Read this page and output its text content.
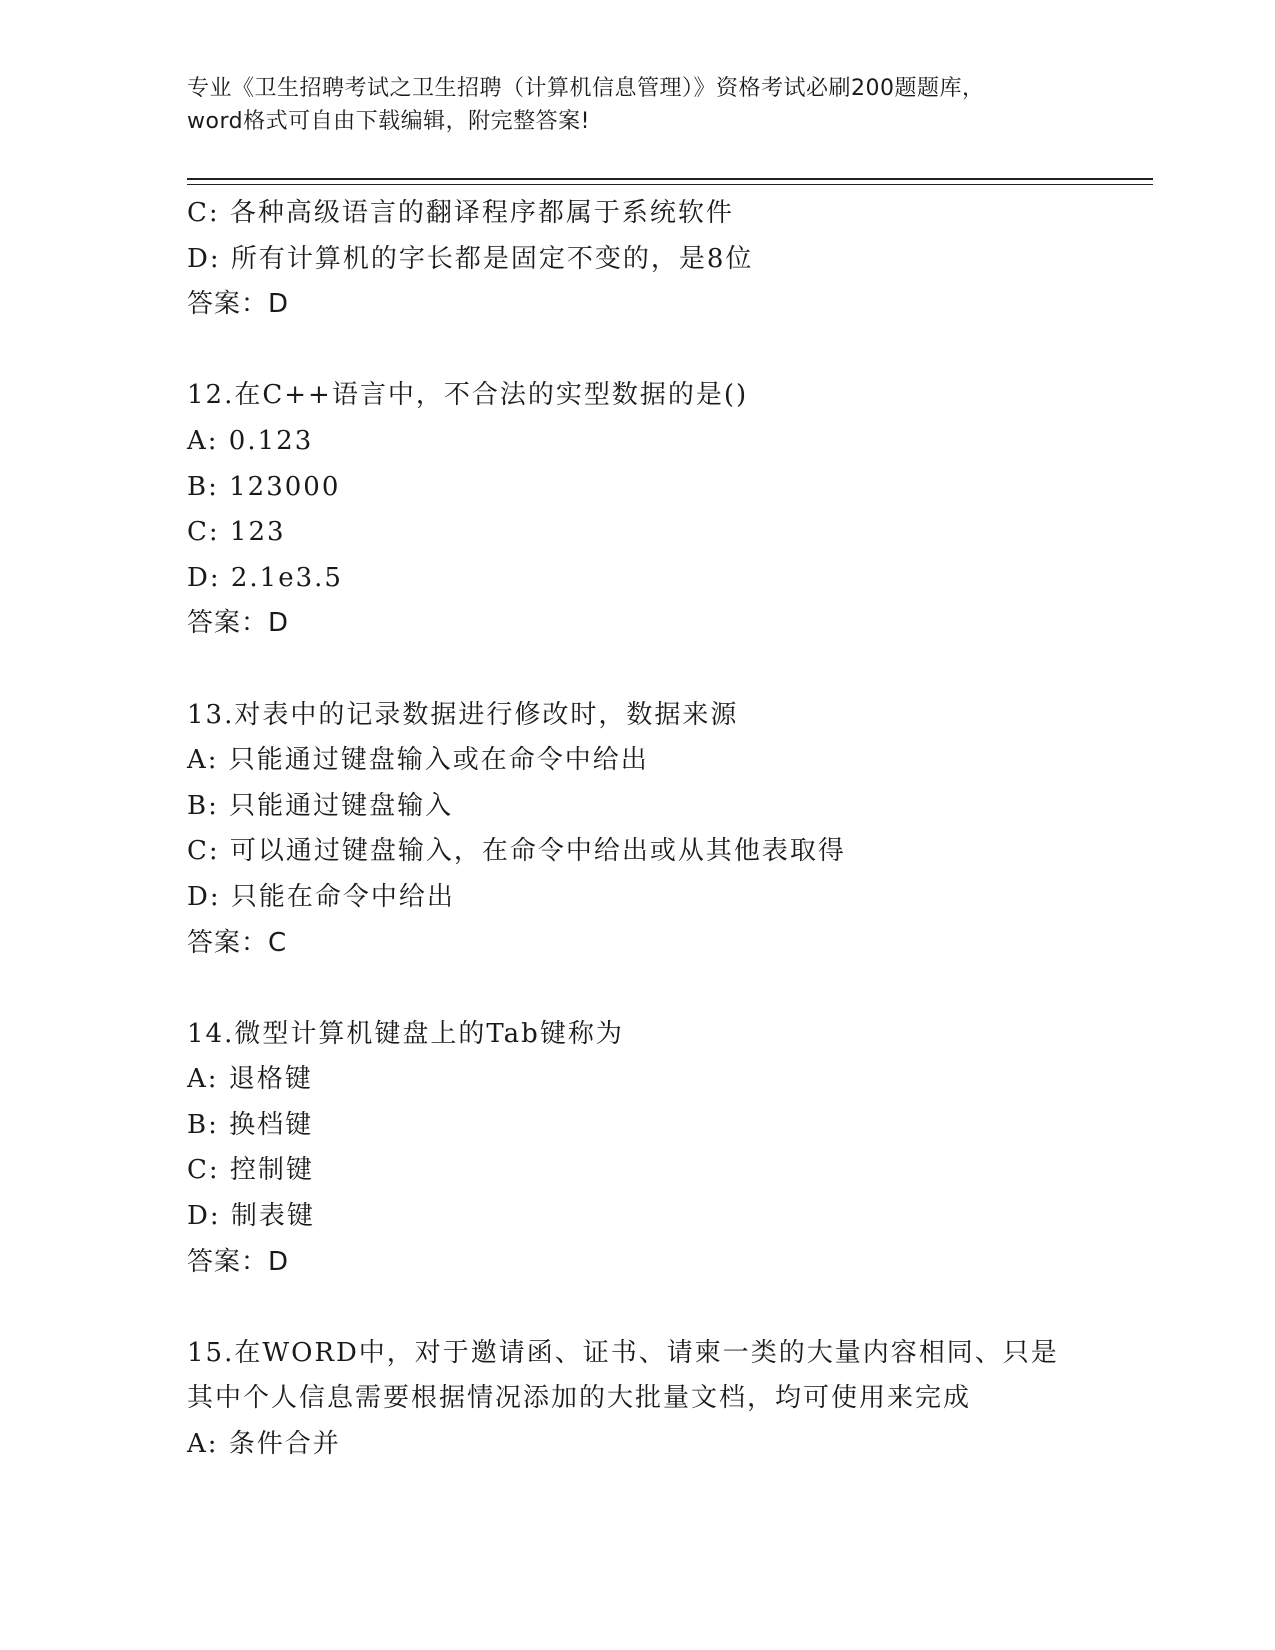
专业《卫生招聘考试之卫生招聘（计算机信息管理）》资格考试必刷200题题库，
word格式可自由下载编辑，附完整答案!
C: 各种高级语言的翻译程序都属于系统软件
D: 所有计算机的字长都是固定不变的，是8位
答案：D
12.在C++语言中，不合法的实型数据的是()
A: 0.123
B: 123000
C: 123
D: 2.1e3.5
答案：D
13.对表中的记录数据进行修改时，数据来源
A: 只能通过键盘输入或在命令中给出
B: 只能通过键盘输入
C: 可以通过键盘输入，在命令中给出或从其他表取得
D: 只能在命令中给出
答案：C
14.微型计算机键盘上的Tab键称为
A: 退格键
B: 换档键
C: 控制键
D: 制表键
答案：D
15.在WORD中，对于邀请函、证书、请柬一类的大量内容相同、只是
其中个人信息需要根据情况添加的大批量文档，均可使用来完成
A: 条件合并
